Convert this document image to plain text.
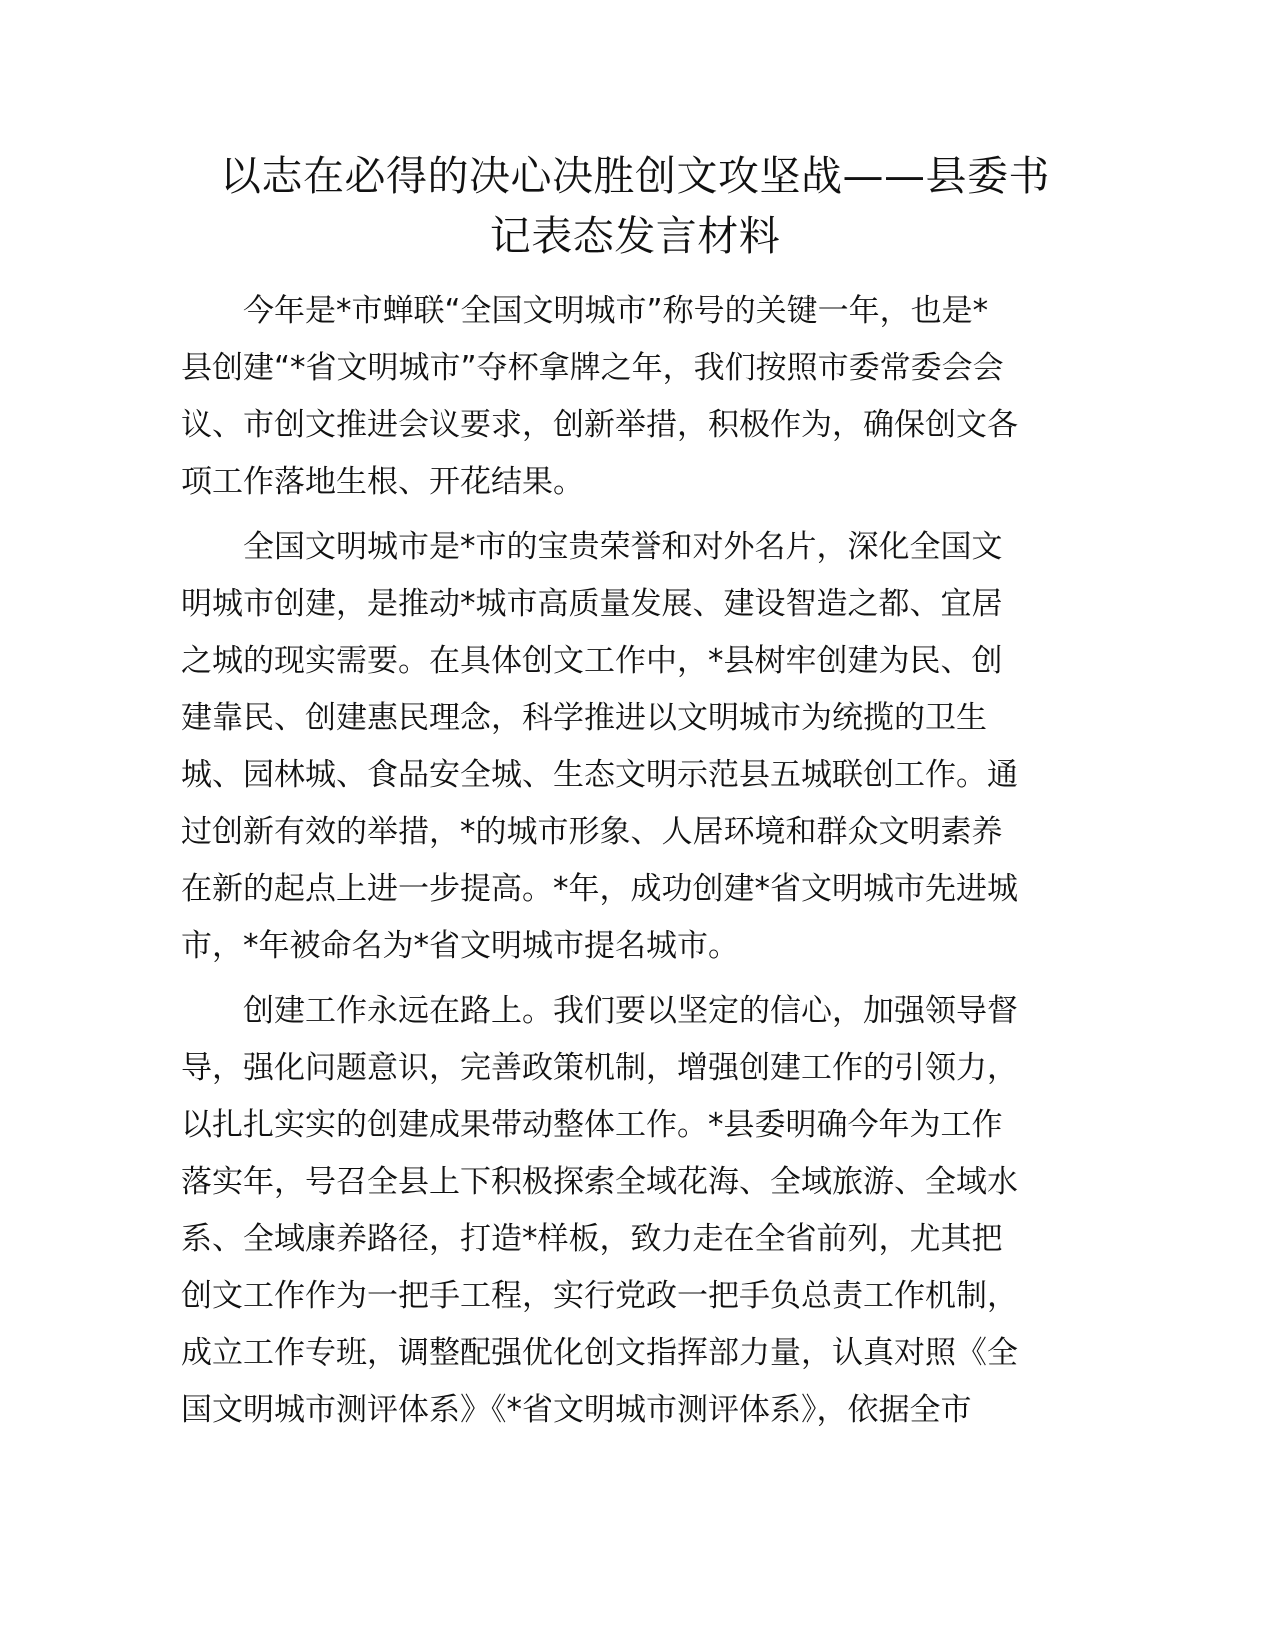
以志在必得的决心决胜创文攻坚战——县委书
记表态发言材料
今年是*市蝉联“全国文明城市”称号的关键一年，也是*
县创建“*省文明城市”夺杯拿牌之年，我们按照市委常委会会
议、市创文推进会议要求，创新举措，积极作为，确保创文各
项工作落地生根、开花结果。
全国文明城市是*市的宝贵荣誉和对外名片，深化全国文
明城市创建，是推动*城市高质量发展、建设智造之都、宜居
之城的现实需要。在具体创文工作中，*县树牢创建为民、创
建靠民、创建惠民理念，科学推进以文明城市为统揽的卫生
城、园林城、食品安全城、生态文明示范县五城联创工作。通
过创新有效的举措，*的城市形象、人居环境和群众文明素养
在新的起点上进一步提高。*年，成功创建*省文明城市先进城
市，*年被命名为*省文明城市提名城市。
创建工作永远在路上。我们要以坚定的信心，加强领导督
导，强化问题意识，完善政策机制，增强创建工作的引领力，
以扎扎实实的创建成果带动整体工作。*县委明确今年为工作
落实年，号召全县上下积极探索全域花海、全域旅游、全域水
系、全域康养路径，打造*样板，致力走在全省前列，尤其把
创文工作作为一把手工程，实行党政一把手负总责工作机制，
成立工作专班，调整配强优化创文指挥部力量，认真对照《全
国文明城市测评体系》《*省文明城市测评体系》，依据全市
